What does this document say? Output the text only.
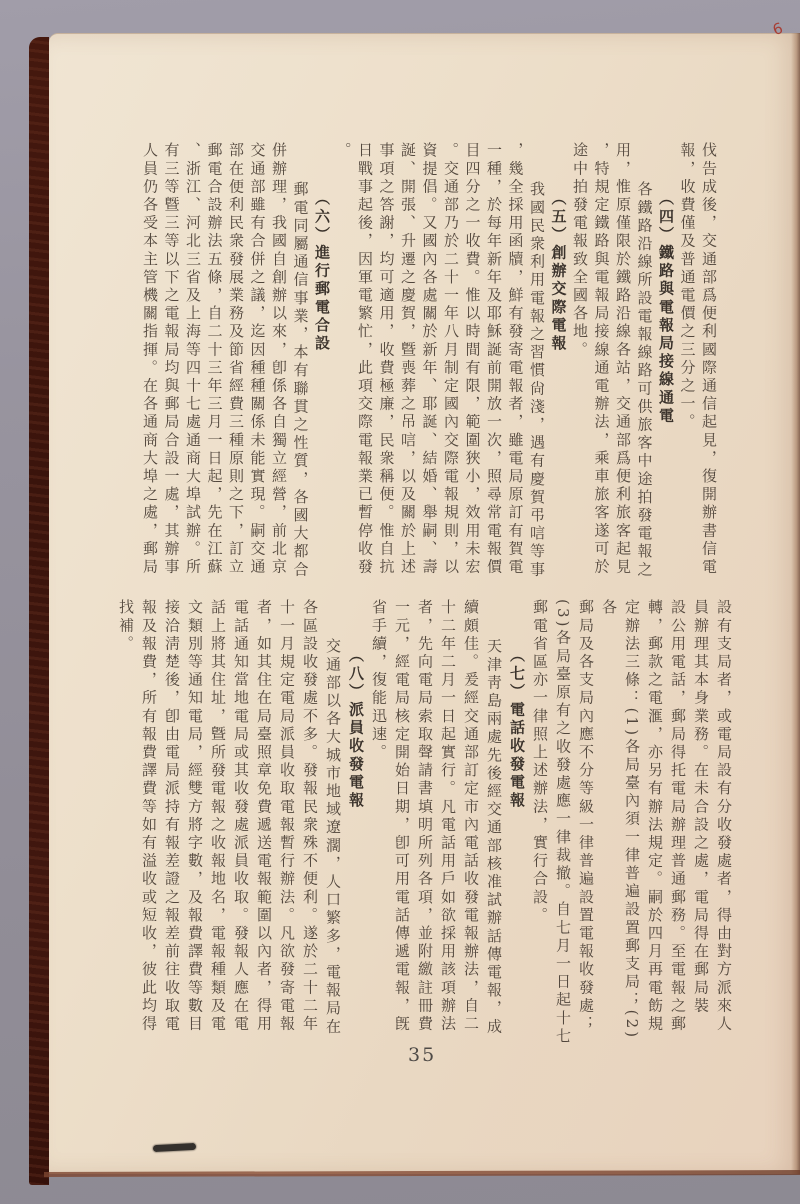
伐告成後，交通部爲便利國際通信起見，復開辦書信電
報，收費僅及普通電價之三分之一。
（四）鐵路與電報局接線通電
各鐵路沿線所設電報線路可供旅客中途拍發電報之
用，惟原僅限於鐵路沿線各站，交通部爲便利旅客起見
，特規定鐵路與電報局接線通電辦法，乘車旅客遂可於
途中拍發電報致全國各地。
（五）創辦交際電報
我國民衆利用電報之習慣尙淺，遇有慶賀弔唁等事
，幾全採用函牘，鮮有發寄電報者，雖電局原訂有賀電
一種，於每年新年及耶穌誕前開放一次，照尋常電報價
目四分之一收費。惟以時間有限，範圍狹小，效用未宏
。交通部乃於二十一年八月制定國內交際電報規則，以
資提倡。又國內各處關於新年、耶誕、結婚、舉嗣、壽
誕、開張、升遷之慶賀，曁喪葬之吊唁，以及關於上述
事項之答謝，均可適用，收費極廉，民衆稱便。惟自抗
日戰事起後，因軍電繁忙，此項交際電報業已暫停收發
。
（六）進行郵電合設
郵電同屬通信事業，本有聯貫之性質，各國大都合
併辦理，我國自創辦以來，卽係各自獨立經營，前北京
交通部雖有合併之議，迄因種種關係未能實現。嗣交通
部在便利民衆發展業務及節省經費三種原則之下，訂立
郵電合設辦法五條，自二十三年三月一日起，先在江蘇
、浙江、河北三省及上海等四十七處通商大埠試辦。所
有三等曁三等以下之電報局均與郵局合設一處，其辦事
人員仍各受本主管機關指揮。在各通商大埠之處，郵局
設有支局者，或電局設有分收發處者，得由對方派來人
員辦理其本身業務。在未合設之處，電局得在郵局裝
設公用電話，郵局得托電局辦理普通郵務。至電報之郵
轉，郵款之電滙，亦另有辦法規定。嗣於四月再電飭規
定辦法三條：(1)各局臺內須一律普遍設置郵支局；(2)各
郵局及各支局內應不分等級一律普遍設置電報收發處；
(3)各局臺原有之收發處應一律裁撤。自七月一日起十七
郵電省區亦一律照上述辦法，實行合設。
（七）電話收發電報
天津靑島兩處先後經交通部核准試辦話傳電報，成
續頗佳。爰經交通部訂定市內電話收發電報辦法，自二
十二年二月一日起實行。凡電話用戶如欲採用該項辦法
者，先向電局索取聲請書填明所列各項，並附繳註冊費
一元，經電局核定開始日期，卽可用電話傳遞電報，旣
省手續，復能迅速。
（八）派員收發電報
交通部以各大城市地域遼濶，人口繁多，電報局在
各區設收發處不多。發報民衆殊不便利。遂於二十二年
十一月規定電局派員收取電報暫行辦法。凡欲發寄電報
者，如其住在局臺照章免費遞送電報範圍以內者，得用
電話通知當地電局或其收發處派員收取。發報人應在電
話上將其住址，曁所發電報之收報地名，電報種類及電
文類別等通知電局，經雙方將字數，及報費譯費等數目
接洽淸楚後，卽由電局派持有報差證之報差前往收取電
報及報費，所有報費譯費等如有溢收或短收，彼此均得
找補。
35
6
